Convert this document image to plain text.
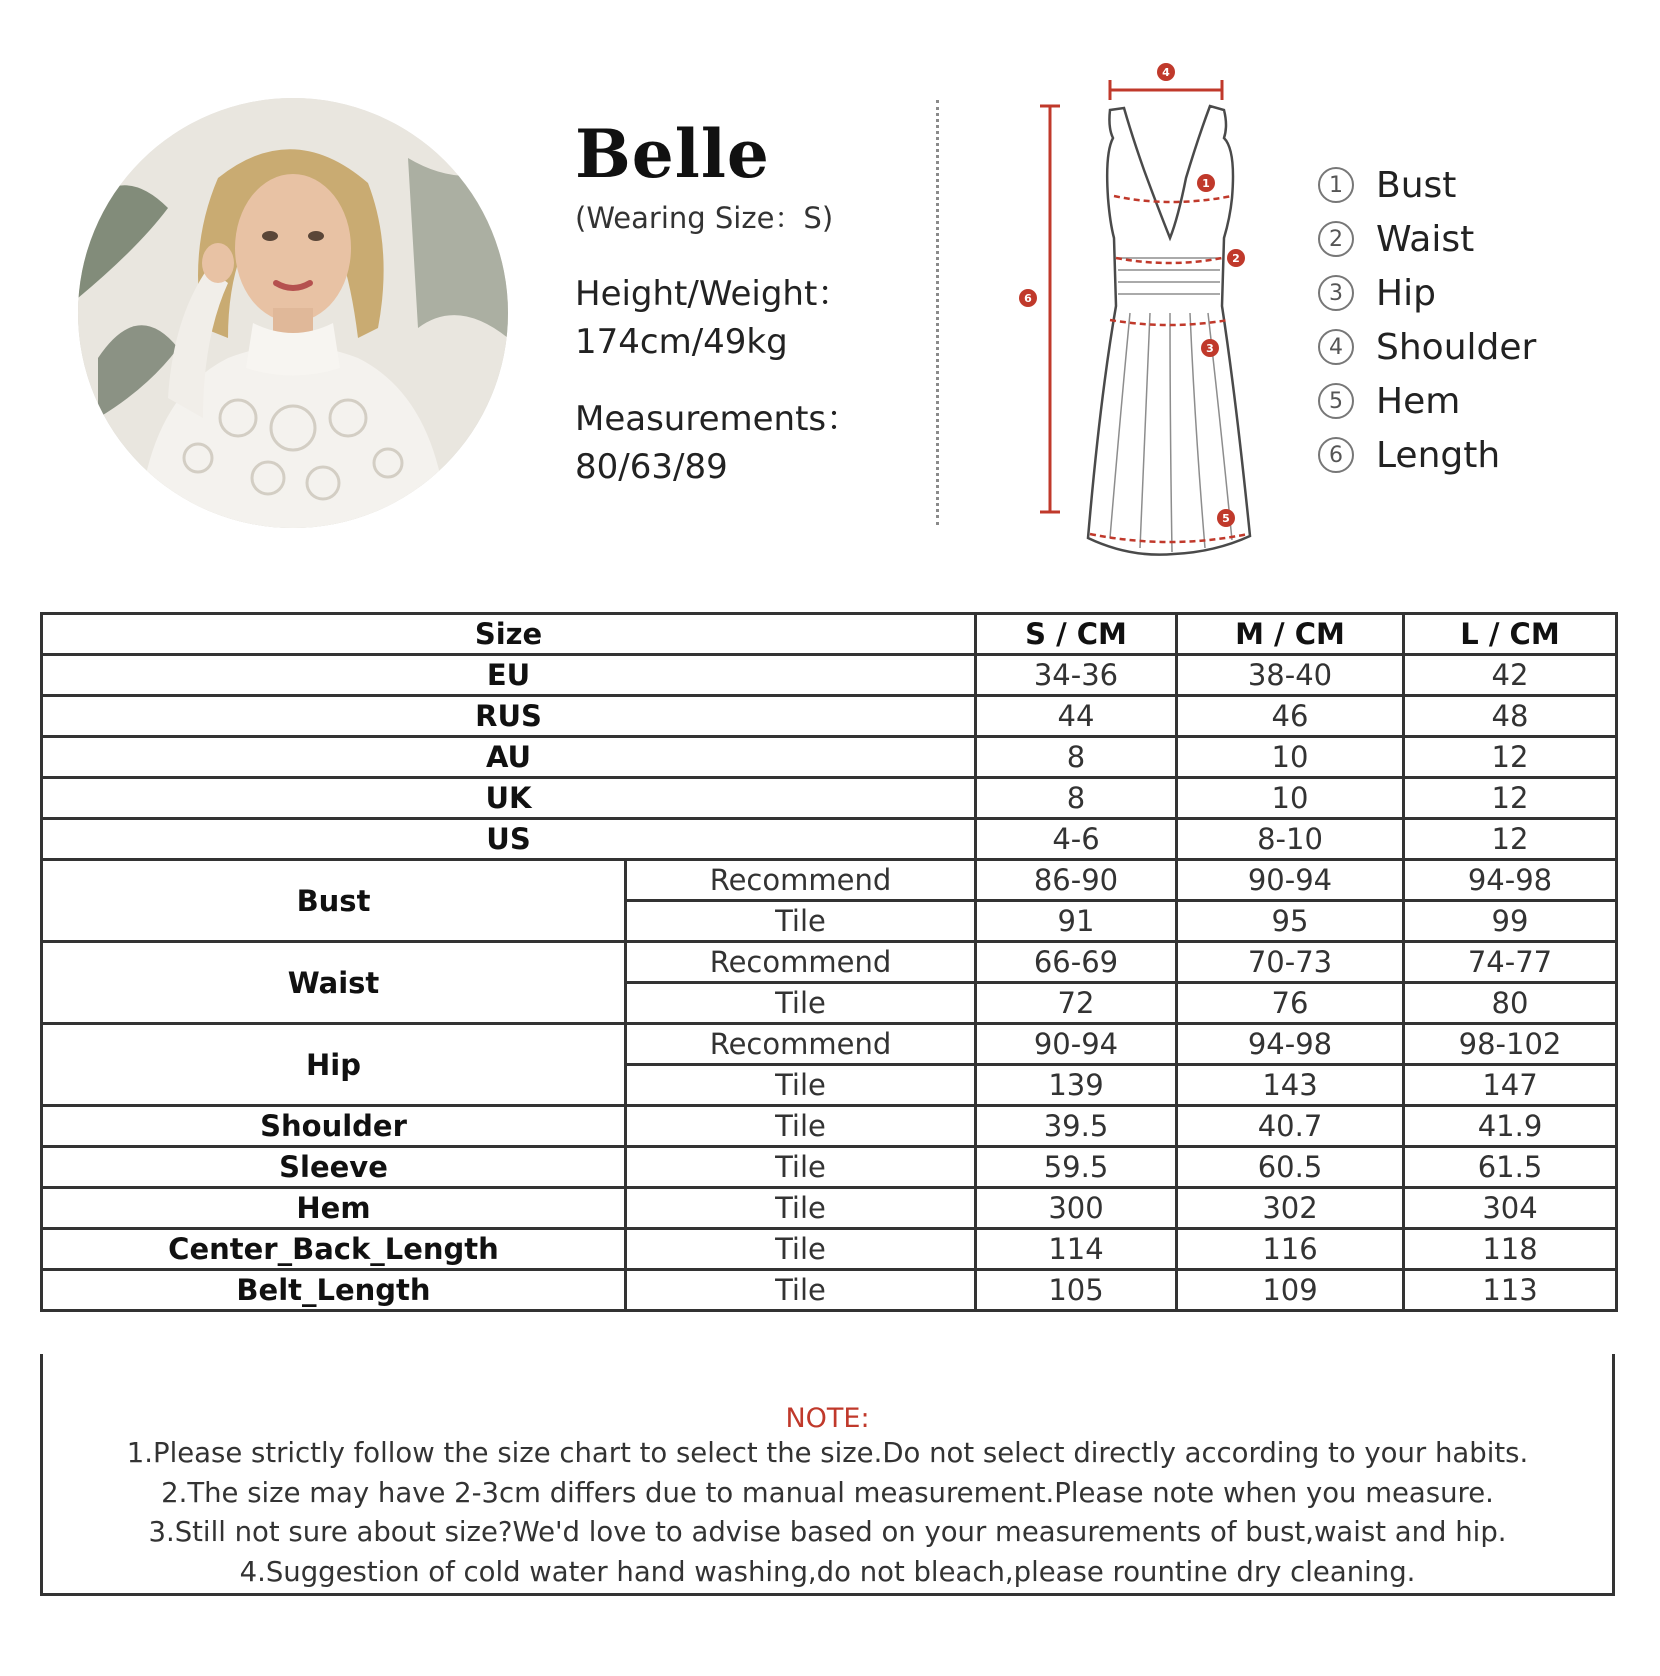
Belle
(Wearing Size：S)
Height/Weight：
174cm/49kg
Measurements：
80/63/89
4
1
2
3
5
6
1 Bust
2 Waist
3 Hip
4 Shoulder
5 Hem
6 Length
Size		S / CM	M / CM	L / CM
EU		34-36	38-40	42
RUS		44	46	48
AU		8	10	12
UK		8	10	12
US		4-6	8-10	12
Bust	Recommend	86-90	90-94	94-98
	Tile	91	95	99
Waist	Recommend	66-69	70-73	74-77
	Tile	72	76	80
Hip	Recommend	90-94	94-98	98-102
	Tile	139	143	147
Shoulder	Tile	39.5	40.7	41.9
Sleeve	Tile	59.5	60.5	61.5
Hem	Tile	300	302	304
Center_Back_Length	Tile	114	116	118
Belt_Length	Tile	105	109	113
NOTE:
1.Please strictly follow the size chart to select the size.Do not select directly according to your habits.
2.The size may have 2-3cm differs due to manual measurement.Please note when you measure.
3.Still not sure about size?We'd love to advise based on your measurements of bust,waist and hip.
4.Suggestion of cold water hand washing,do not bleach,please rountine dry cleaning.
